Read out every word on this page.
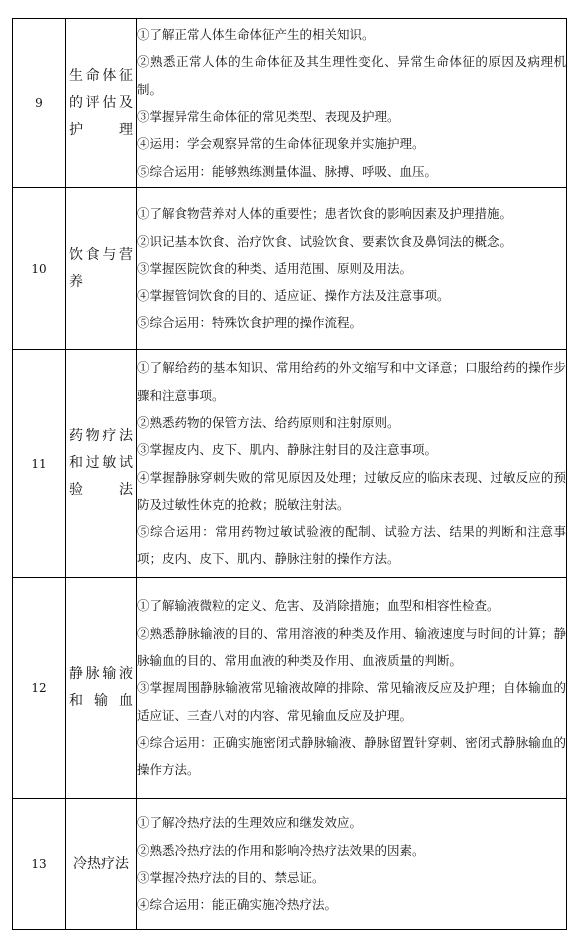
9	生命体征的评估及护理	①了解正常人体生命体征产生的相关知识。
②熟悉正常人体的生命体征及其生理性变化、异常生命体征的原因及病理机制。
③掌握异常生命体征的常见类型、表现及护理。
④运用：学会观察异常的生命体征现象并实施护理。
⑤综合运用：能够熟练测量体温、脉搏、呼吸、血压。

10	饮食与营养	①了解食物营养对人体的重要性；患者饮食的影响因素及护理措施。
②识记基本饮食、治疗饮食、试验饮食、要素饮食及鼻饲法的概念。
③掌握医院饮食的种类、适用范围、原则及用法。
④掌握管饲饮食的目的、适应证、操作方法及注意事项。
⑤综合运用：特殊饮食护理的操作流程。

11	药物疗法和过敏试验法	①了解给药的基本知识、常用给药的外文缩写和中文译意；口服给药的操作步骤和注意事项。
②熟悉药物的保管方法、给药原则和注射原则。
③掌握皮内、皮下、肌内、静脉注射目的及注意事项。
④掌握静脉穿刺失败的常见原因及处理；过敏反应的临床表现、过敏反应的预防及过敏性休克的抢救；脱敏注射法。
⑤综合运用：常用药物过敏试验液的配制、试验方法、结果的判断和注意事项；皮内、皮下、肌内、静脉注射的操作方法。

12	静脉输液和输血	①了解输液微粒的定义、危害、及消除措施；血型和相容性检查。
②熟悉静脉输液的目的、常用溶液的种类及作用、输液速度与时间的计算；静脉输血的目的、常用血液的种类及作用、血液质量的判断。
③掌握周围静脉输液常见输液故障的排除、常见输液反应及护理；自体输血的适应证、三查八对的内容、常见输血反应及护理。
④综合运用：正确实施密闭式静脉输液、静脉留置针穿刺、密闭式静脉输血的操作方法。

13	冷热疗法	①了解冷热疗法的生理效应和继发效应。
②熟悉冷热疗法的作用和影响冷热疗法效果的因素。
③掌握冷热疗法的目的、禁忌证。
④综合运用：能正确实施冷热疗法。
